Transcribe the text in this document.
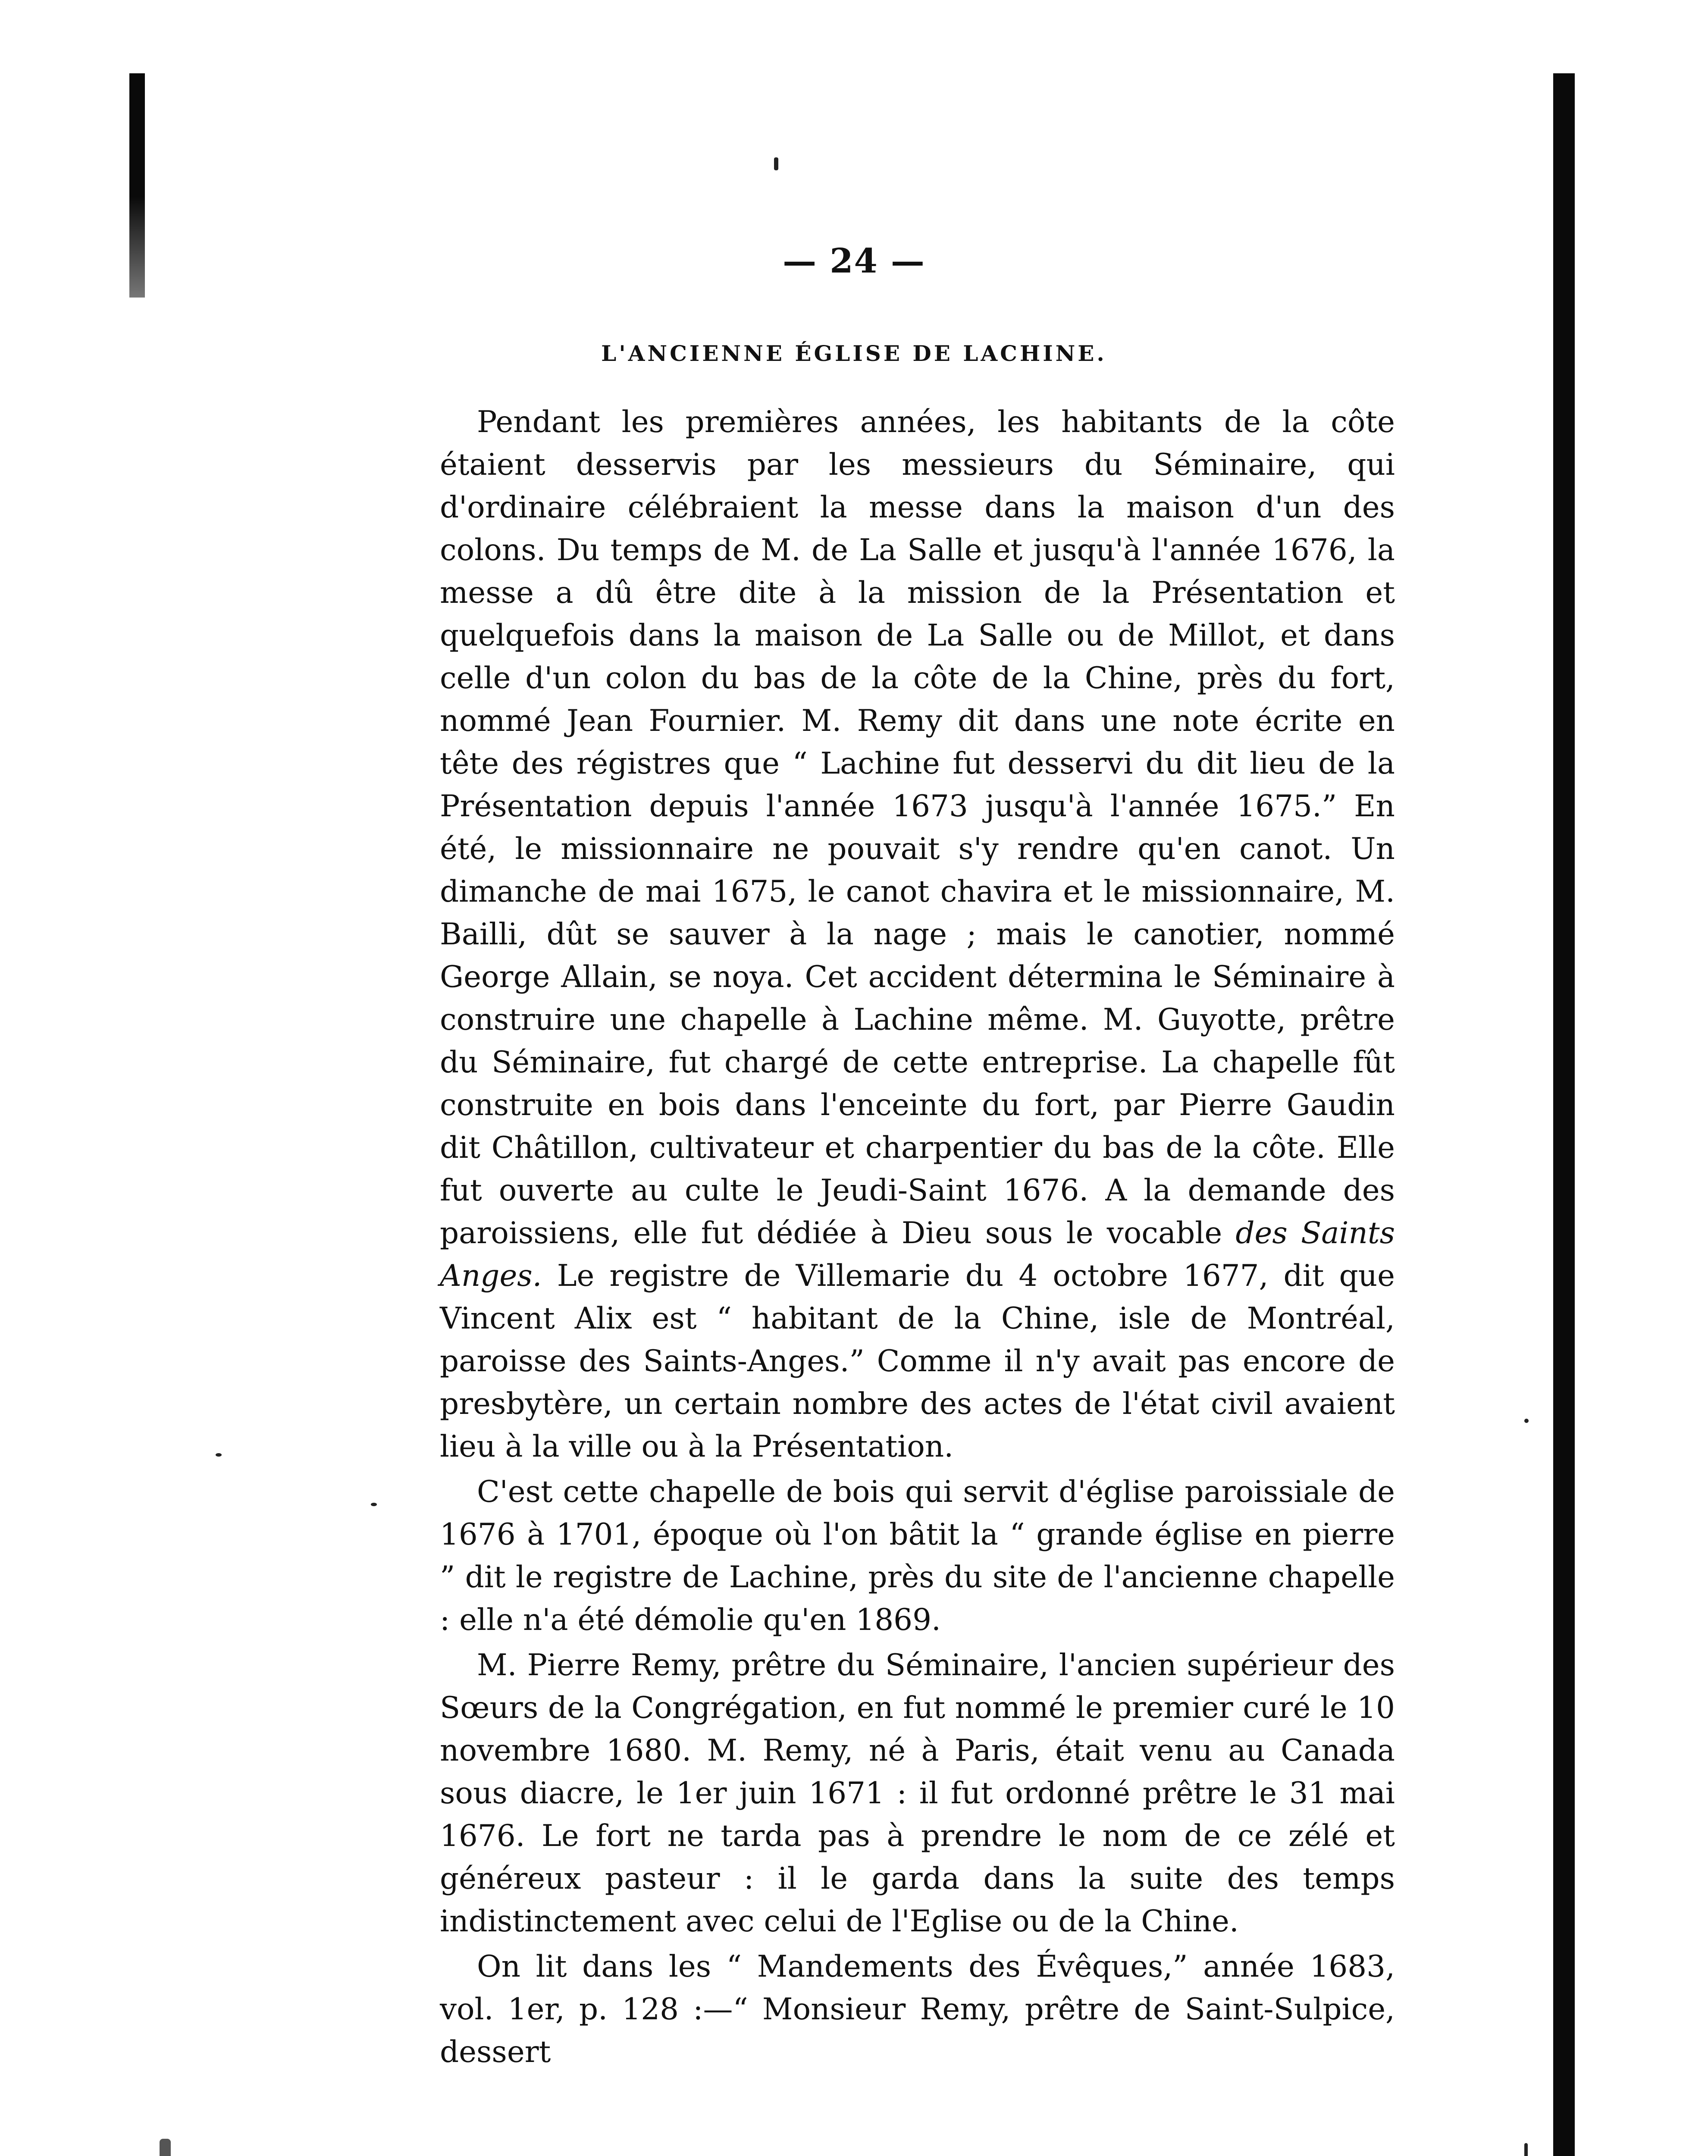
— 24 —
L'ANCIENNE ÉGLISE DE LACHINE.

Pendant les premières années, les habitants de la côte étaient desservis par les messieurs du Séminaire, qui d'ordinaire célébraient la messe dans la maison d'un des colons. Du temps de M. de La Salle et jusqu'à l'année 1676, la messe a dû être dite à la mission de la Présentation et quelquefois dans la maison de La Salle ou de Millot, et dans celle d'un colon du bas de la côte de la Chine, près du fort, nommé Jean Fournier. M. Remy dit dans une note écrite en tête des régistres que “ Lachine fut desservi du dit lieu de la Présentation depuis l'année 1673 jusqu'à l'année 1675.” En été, le missionnaire ne pouvait s'y rendre qu'en canot. Un dimanche de mai 1675, le canot chavira et le missionnaire, M. Bailli, dût se sauver à la nage ; mais le canotier, nommé George Allain, se noya. Cet accident détermina le Séminaire à construire une chapelle à Lachine même. M. Guyotte, prêtre du Séminaire, fut chargé de cette entreprise. La chapelle fût construite en bois dans l'enceinte du fort, par Pierre Gaudin dit Châtillon, cultivateur et charpentier du bas de la côte. Elle fut ouverte au culte le Jeudi-Saint 1676. A la demande des paroissiens, elle fut dédiée à Dieu sous le vocable des Saints Anges. Le registre de Villemarie du 4 octobre 1677, dit que Vincent Alix est “ habitant de la Chine, isle de Montréal, paroisse des Saints-Anges.” Comme il n'y avait pas encore de presbytère, un certain nombre des actes de l'état civil avaient lieu à la ville ou à la Présentation.

C'est cette chapelle de bois qui servit d'église paroissiale de 1676 à 1701, époque où l'on bâtit la “ grande église en pierre ” dit le registre de Lachine, près du site de l'ancienne chapelle : elle n'a été démolie qu'en 1869.

M. Pierre Remy, prêtre du Séminaire, l'ancien supérieur des Sœurs de la Congrégation, en fut nommé le premier curé le 10 novembre 1680. M. Remy, né à Paris, était venu au Canada sous diacre, le 1er juin 1671 : il fut ordonné prêtre le 31 mai 1676. Le fort ne tarda pas à prendre le nom de ce zélé et généreux pasteur : il le garda dans la suite des temps indistinctement avec celui de l'Eglise ou de la Chine.

On lit dans les “ Mandements des Évêques,” année 1683, vol. 1er, p. 128 :—“ Monsieur Remy, prêtre de Saint-Sulpice, dessert
